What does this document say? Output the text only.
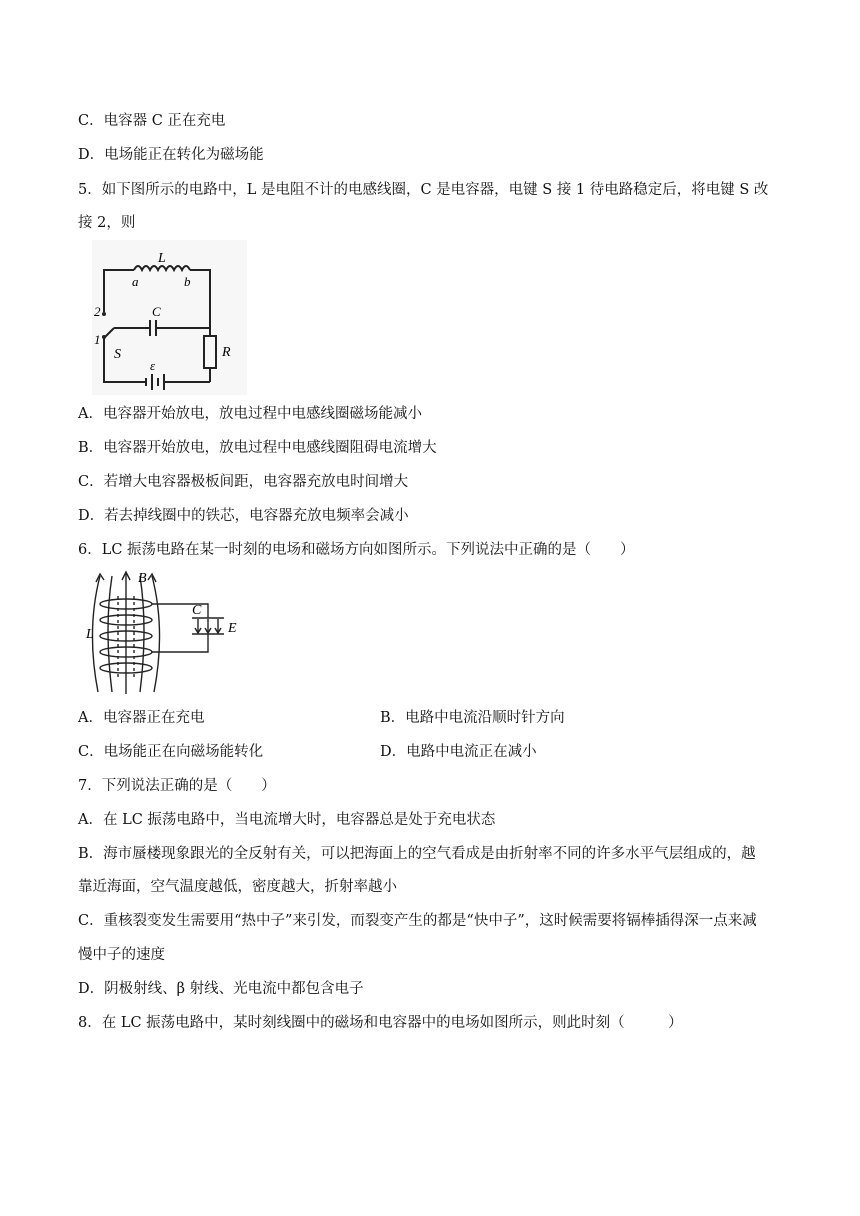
C．电容器 C 正在充电
D．电场能正在转化为磁场能
5．如下图所示的电路中，L 是电阻不计的电感线圈，C 是电容器，电键 S 接 1 待电路稳定后，将电键 S 改
接 2，则
L
a	b
C
2
1
S
ε
R
A．电容器开始放电，放电过程中电感线圈磁场能减小
B．电容器开始放电，放电过程中电感线圈阻碍电流增大
C．若增大电容器极板间距，电容器充放电时间增大
D．若去掉线圈中的铁芯，电容器充放电频率会减小
6．LC 振荡电路在某一时刻的电场和磁场方向如图所示。下列说法中正确的是（　　）
B
L
C
E
A．电容器正在充电	B．电路中电流沿顺时针方向
C．电场能正在向磁场能转化	D．电路中电流正在减小
7．下列说法正确的是（　　）
A．在 LC 振荡电路中，当电流增大时，电容器总是处于充电状态
B．海市蜃楼现象跟光的全反射有关，可以把海面上的空气看成是由折射率不同的许多水平气层组成的，越
靠近海面，空气温度越低，密度越大，折射率越小
C．重核裂变发生需要用“热中子”来引发，而裂变产生的都是“快中子”，这时候需要将镉棒插得深一点来减
慢中子的速度
D．阴极射线、β 射线、光电流中都包含电子
8．在 LC 振荡电路中，某时刻线圈中的磁场和电容器中的电场如图所示，则此时刻（　　　）
